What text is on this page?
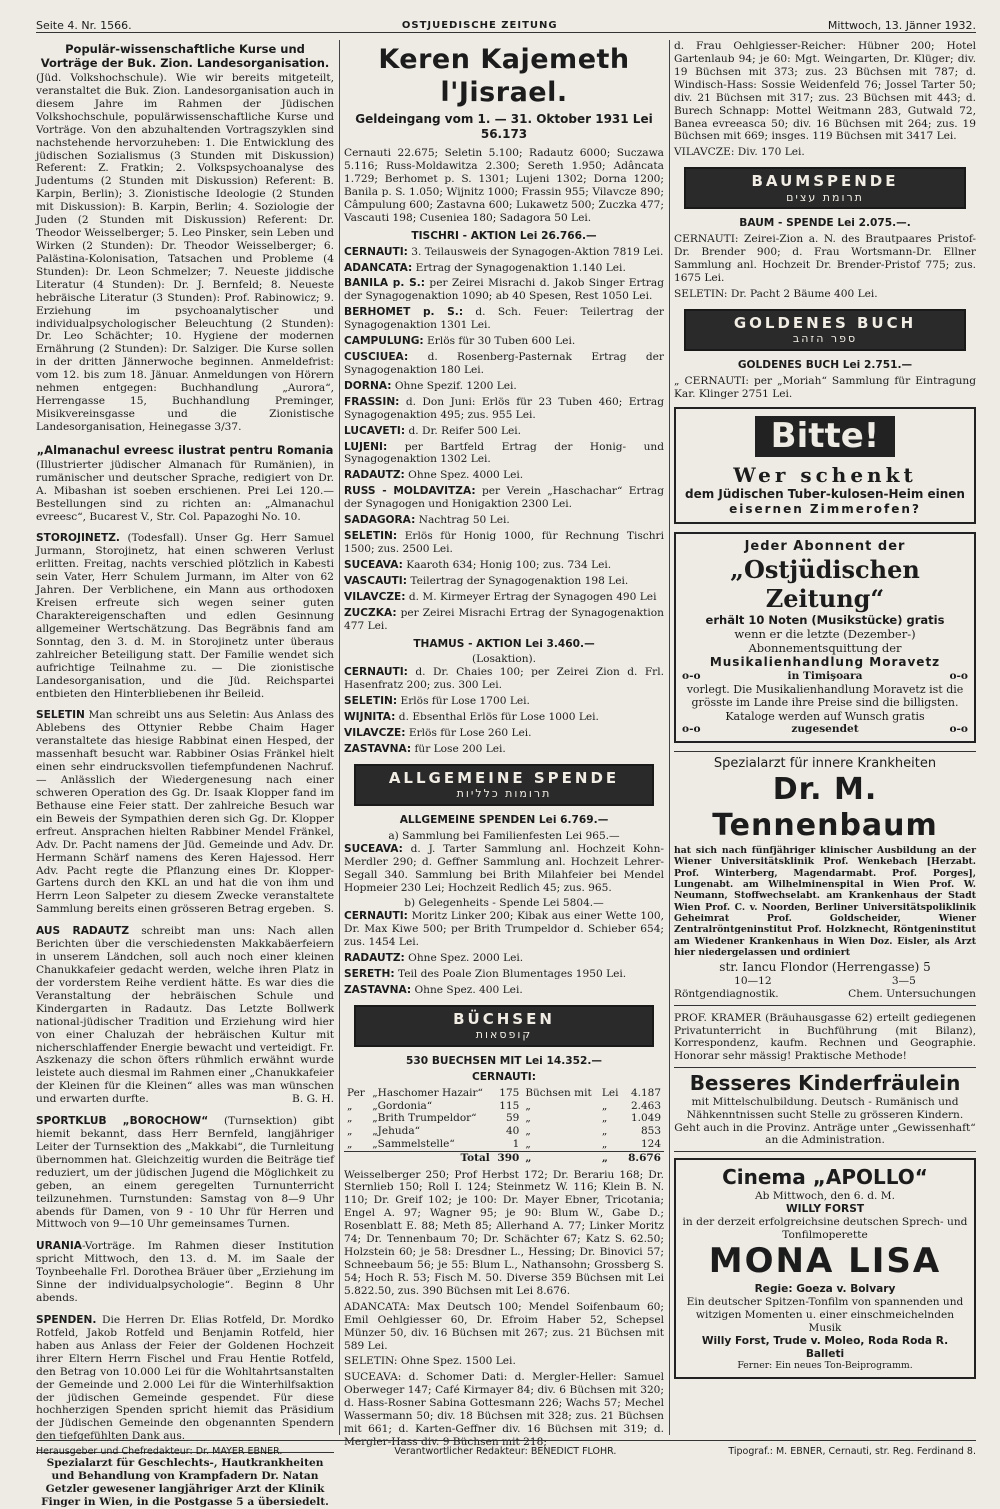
Seite 4. Nr. 1566.	OSTJUEDISCHE ZEITUNG	Mittwoch, 13. Jänner 1932.
Populär-wissenschaftliche Kurse und Vorträge der Buk. Zion. Landesorganisation.

(Jüd. Volkshochschule). Wie wir bereits mitgeteilt, veranstaltet die Buk. Zion. Landesorganisation auch in diesem Jahre im Rahmen der Jüdischen Volkshochschule, populärwissenschaftliche Kurse und Vorträge. Von den abzuhaltenden Vortragszyklen sind nachstehende hervorzuheben: 1. Die Entwicklung des jüdischen Sozialismus (3 Stunden mit Diskussion) Referent: Z. Fratkin; 2. Volkspsychoanalyse des Judentums (2 Stunden mit Diskussion) Referent: B. Karpin, Berlin); 3. Zionistische Ideologie (2 Stunden mit Diskussion): B. Karpin, Berlin; 4. Soziologie der Juden (2 Stunden mit Diskussion) Referent: Dr. Theodor Weisselberger; 5. Leo Pinsker, sein Leben und Wirken (2 Stunden): Dr. Theodor Weisselberger; 6. Palästina-Kolonisation, Tatsachen und Probleme (4 Stunden): Dr. Leon Schmelzer; 7. Neueste jiddische Literatur (4 Stunden): Dr. J. Bernfeld; 8. Neueste hebräische Literatur (3 Stunden): Prof. Rabinowicz; 9. Erziehung im psychoanalytischer und individualpsychologischer Beleuchtung (2 Stunden): Dr. Leo Schächter; 10. Hygiene der modernen Ernährung (2 Stunden): Dr. Salziger. Die Kurse sollen in der dritten Jännerwoche beginnen. Anmeldefrist: vom 12. bis zum 18. Jänuar. Anmeldungen von Hörern nehmen entgegen: Buchhandlung „Aurora“, Herrengasse 15, Buchhandlung Preminger, Misikvereinsgasse und die Zionistische Landesorganisation, Heinegasse 3/37.

„Almanachul evreesc ilustrat pentru Romania

(Illustrierter jüdischer Almanach für Rumänien), in rumänischer und deutscher Sprache, redigiert von Dr. A. Mibashan ist soeben erschienen. Prei Lei 120.— Bestellungen sind zu richten an: „Almanachul evreesc“, Bucarest V., Str. Col. Papazoghi No. 10.

STOROJINETZ. (Todesfall). Unser Gg. Herr Samuel Jurmann, Storojinetz, hat einen schweren Verlust erlitten. Freitag, nachts verschied plötzlich in Kabesti sein Vater, Herr Schulem Jurmann, im Alter von 62 Jahren. Der Verblichene, ein Mann aus orthodoxen Kreisen erfreute sich wegen seiner guten Charaktereigenschaften und edlen Gesinnung allgemeiner Wertschätzung. Das Begräbnis fand am Sonntag, den 3. d. M. in Storojinetz unter überaus zahlreicher Beteiligung statt. Der Familie wendet sich aufrichtige Teilnahme zu. — Die zionistische Landesorganisation, und die Jüd. Reichspartei entbieten den Hinterbliebenen ihr Beileid.

SELETIN Man schreibt uns aus Seletin: Aus Anlass des Ablebens des Ottynier Rebbe Chaim Hager veranstaltete das hiesige Rabbinat einen Hesped, der massenhaft besucht war. Rabbiner Osias Fränkel hielt einen sehr eindrucksvollen tiefempfundenen Nachruf. — Anlässlich der Wiedergenesung nach einer schweren Operation des Gg. Dr. Isaak Klopper fand im Bethause eine Feier statt. Der zahlreiche Besuch war ein Beweis der Sympathien deren sich Gg. Dr. Klopper erfreut. Ansprachen hielten Rabbiner Mendel Fränkel, Adv. Dr. Pacht namens der Jüd. Gemeinde und Adv. Dr. Hermann Schärf namens des Keren Hajessod. Herr Adv. Pacht regte die Pflanzung eines Dr. Klopper-Gartens durch den KKL an und hat die von ihm und Herrn Leon Salpeter zu diesem Zwecke veranstaltete Sammlung bereits einen grösseren Betrag ergeben. S.

AUS RADAUTZ schreibt man uns: Nach allen Berichten über die verschiedensten Makkabäerfeiern in unserem Ländchen, soll auch noch einer kleinen Chanukkafeier gedacht werden, welche ihren Platz in der vorderstem Reihe verdient hätte. Es war dies die Veranstaltung der hebräischen Schule und Kindergarten in Radautz. Das Letzte Bollwerk national-jüdischer Tradition und Erziehung wird hier von einer Chaluzah der hebräischen Kultur mit nicherschlaffender Energie bewacht und verteidigt. Fr. Aszkenazy die schon öfters rühmlich erwähnt wurde leistete auch diesmal im Rahmen einer „Chanukkafeier der Kleinen für die Kleinen“ alles was man wünschen und erwarten durfte.	B. G. H.

SPORTKLUB „BOROCHOW“ (Turnsektion) gibt hiemit bekannt, dass Herr Bernfeld, langjähriger Leiter der Turnsektion des „Makkabi“, die Turnleitung übernommen hat. Gleichzeitig wurden die Beiträge tief reduziert, um der jüdischen Jugend die Möglichkeit zu geben, an einem geregelten Turnunterricht teilzunehmen. Turnstunden: Samstag von 8—9 Uhr abends für Damen, von 9 - 10 Uhr für Herren und Mittwoch von 9—10 Uhr gemeinsames Turnen.

URANIA-Vorträge. Im Rahmen dieser Institution spricht Mittwoch, den 13. d. M. im Saale der Toynbeehalle Frl. Dorothea Bräuer über „Erziehung im Sinne der individualpsychologie“. Beginn 8 Uhr abends.

SPENDEN. Die Herren Dr. Elias Rotfeld, Dr. Mordko Rotfeld, Jakob Rotfeld und Benjamin Rotfeld, hier haben aus Anlass der Feier der Goldenen Hochzeit ihrer Eltern Herrn Fischel und Frau Hentie Rotfeld, den Betrag von 10.000 Lei für die Wohltahrtsanstalten der Gemeinde und 2.000 Lei für die Winterhilfsaktion der jüdischen Gemeinde gespendet. Für diese hochherzigen Spenden spricht hiemit das Präsidium der Jüdischen Gemeinde den obgenannten Spendern den tiefgefühlten Dank aus.

Spezialarzt für Geschlechts-, Hautkrankheiten und Behandlung von Krampfadern Dr. Natan Getzler gewesener langjähriger Arzt der Klinik Finger in Wien, in die Postgasse 5 a übersiedelt.
Keren Kajemeth l'Jisrael.
Geldeingang vom 1. — 31. Oktober 1931 Lei 56.173

Cernauti 22.675; Seletin 5.100; Radautz 6000; Suczawa 5.116; Russ-Moldawitza 2.300; Sereth 1.950; Adâncata 1.729; Berhomet p. S. 1301; Lujeni 1302; Dorna 1200; Banila p. S. 1.050; Wijnitz 1000; Frassin 955; Vilavcze 890; Câmpulung 600; Zastavna 600; Lukawetz 500; Zuczka 477; Vascauti 198; Cuseniea 180; Sadagora 50 Lei.

TISCHRI - AKTION Lei 26.766.—

CERNAUTI: 3. Teilausweis der Synagogen-Aktion 7819 Lei.

ADANCATA: Ertrag der Synagogenaktion 1.140 Lei.

BANILA p. S.: per Zeirei Misrachi d. Jakob Singer Ertrag der Synagogenaktion 1090; ab 40 Spesen, Rest 1050 Lei.

BERHOMET p. S.: d. Sch. Feuer: Teilertrag der Synagogenaktion 1301 Lei.

CAMPULUNG: Erlös für 30 Tuben 600 Lei.

CUSCIUEA: d. Rosenberg-Pasternak Ertrag der Synagogenaktion 180 Lei.

DORNA: Ohne Spezif. 1200 Lei.

FRASSIN: d. Don Juni: Erlös für 23 Tuben 460; Ertrag Synagogenaktion 495; zus. 955 Lei.

LUCAVETI: d. Dr. Reifer 500 Lei.

LUJENI: per Bartfeld Ertrag der Honig- und Synagogenaktion 1302 Lei.

RADAUTZ: Ohne Spez. 4000 Lei.

RUSS - MOLDAVITZA: per Verein „Haschachar“ Ertrag der Synagogen und Honigaktion 2300 Lei.

SADAGORA: Nachtrag 50 Lei.

SELETIN: Erlös für Honig 1000, für Rechnung Tischri 1500; zus. 2500 Lei.

SUCEAVA: Kaaroth 634; Honig 100; zus. 734 Lei.

VASCAUTI: Teilertrag der Synagogenaktion 198 Lei.

VILAVCZE: d. M. Kirmeyer Ertrag der Synagogen 490 Lei

ZUCZKA: per Zeirei Misrachi Ertrag der Synagogenaktion 477 Lei.

THAMUS - AKTION Lei 3.460.—
(Losaktion).

CERNAUTI: d. Dr. Chaies 100; per Zeirei Zion d. Frl. Hasenfratz 200; zus. 300 Lei.

SELETIN: Erlös für Lose 1700 Lei.

WIJNITA: d. Ebsenthal Erlös für Lose 1000 Lei.

VILAVCZE: Erlös für Lose 260 Lei.

ZASTAVNA: für Lose 200 Lei.

ALLGEMEINE SPENDE
תרומות כלליות
ALLGEMEINE SPENDEN Lei 6.769.—
a) Sammlung bei Familienfesten Lei 965.—

SUCEAVA: d. J. Tarter Sammlung anl. Hochzeit Kohn-Merdler 290; d. Geffner Sammlung anl. Hochzeit Lehrer-Segall 340. Sammlung bei Brith Milahfeier bei Mendel Hopmeier 230 Lei; Hochzeit Redlich 45; zus. 965.

b) Gelegenheits - Spende Lei 5804.—

CERNAUTI: Moritz Linker 200; Kibak aus einer Wette 100, Dr. Max Kiwe 500; per Brith Trumpeldor d. Schieber 654; zus. 1454 Lei.

RADAUTZ: Ohne Spez. 2000 Lei.

SERETH: Teil des Poale Zion Blumentages 1950 Lei.

ZASTAVNA: Ohne Spez. 400 Lei.

BÜCHSEN
קופסאות
530 BUECHSEN MIT Lei 14.352.—
CERNAUTI:
Per	„Haschomer Hazair“	175	Büchsen mit	Lei	4.187
„	„Gordonia“	115	„	„	2.463
„	„Brith Trumpeldor“	59	„	„	1.049
„	„Jehuda“	40	„	„	853
„	„Sammelstelle“	1	„	„	124
	Total	390	„	„	8.676

Weisselberger 250; Prof Herbst 172; Dr. Berariu 168; Dr. Sternlieb 150; Roll I. 124; Steinmetz W. 116; Klein B. N. 110; Dr. Greif 102; je 100: Dr. Mayer Ebner, Tricotania; Engel A. 97; Wagner 95; je 90: Blum W., Gabe D.; Rosenblatt E. 88; Meth 85; Allerhand A. 77; Linker Moritz 74; Dr. Tennenbaum 70; Dr. Schächter 67; Katz S. 62.50; Holzstein 60; je 58: Dresdner L., Hessing; Dr. Binovici 57; Schneebaum 56; je 55: Blum L., Nathansohn; Grossberg S. 54; Hoch R. 53; Fisch M. 50. Diverse 359 Büchsen mit Lei 5.822.50, zus. 390 Büchsen mit Lei 8.676.

ADANCATA: Max Deutsch 100; Mendel Soifenbaum 60; Emil Oehlgiesser 60, Dr. Efroim Haber 52, Schepsel Münzer 50, div. 16 Büchsen mit 267; zus. 21 Büchsen mit 589 Lei.

SELETIN: Ohne Spez. 1500 Lei.

SUCEAVA: d. Schomer Dati: d. Mergler-Heller: Samuel Oberweger 147; Café Kirmayer 84; div. 6 Büchsen mit 320; d. Hass-Rosner Sabina Gottesmann 226; Wachs 57; Mechel Wassermann 50; div. 18 Büchsen mit 328; zus. 21 Büchsen mit 661; d. Karten-Geffner div. 16 Büchsen mit 319; d. Mergler-Hass div. 9 Büchsen mit 218;

d. Frau Oehlgiesser-Reicher: Hübner 200; Hotel Gartenlaub 94; je 60: Mgt. Weingarten, Dr. Klüger; div. 19 Büchsen mit 373; zus. 23 Büchsen mit 787; d. Windisch-Hass: Sossie Weidenfeld 76; Jossel Tarter 50; div. 21 Büchsen mit 317; zus. 23 Büchsen mit 443; d. Burech Schnapp: Mottel Weitmann 283, Gutwald 72, Banea evreeasca 50; div. 16 Büchsen mit 264; zus. 19 Büchsen mit 669; insges. 119 Büchsen mit 3417 Lei.

VILAVCZE: Div. 170 Lei.

BAUMSPENDE
תרומת עצים
BAUM - SPENDE Lei 2.075.—.

CERNAUTI: Zeirei-Zion a. N. des Brautpaares Pristof-Dr. Brender 900; d. Frau Wortsmann-Dr. Ellner Sammlung anl. Hochzeit Dr. Brender-Pristof 775; zus. 1675 Lei.

SELETIN: Dr. Pacht 2 Bäume 400 Lei.

GOLDENES BUCH
ספר הזהב
GOLDENES BUCH Lei 2.751.—

„ CERNAUTI: per „Moriah“ Sammlung für Eintragung Kar. Klinger 2751 Lei.

Bitte!
Wer schenkt
dem Jüdischen Tuber-kulosen-Heim einen
eisernen Zimmerofen?
Jeder Abonnent der
„Ostjüdischen Zeitung“
erhält 10 Noten (Musikstücke) gratis
wenn er die letzte (Dezember-) Abonnementsquittung der
Musikalienhandlung Moravetz
o-o	in Timişoara	o-o
vorlegt. Die Musikalienhandlung Moravetz ist die grösste im Lande ihre Preise sind die billigsten. Kataloge werden auf Wunsch gratis
o-o	zugesendet	o-o
Spezialarzt für innere Krankheiten
Dr. M. Tennenbaum
hat sich nach fünfjähriger klinischer Ausbildung an der Wiener Universitätsklinik Prof. Wenkebach [Herzabt. Prof. Winterberg, Magendarmabt. Prof. Porges], Lungenabt. am Wilhelminenspital in Wien Prof. W. Neumann, Stoffwechselabt. am Krankenhaus der Stadt Wien Prof. C. v. Noorden, Berliner Universitätspoliklinik Geheimrat Prof. Goldscheider, Wiener Zentralröntgeninstitut Prof. Holzknecht, Röntgeninstitut am Wiedener Krankenhaus in Wien Doz. Eisler, als Arzt hier niedergelassen und ordiniert
str. Iancu Flondor (Herrengasse) 5
10—12	3—5
Röntgendiagnostik.	Chem. Untersuchungen

PROF. KRAMER (Bräuhausgasse 62) erteilt gediegenen Privatunterricht in Buchführung (mit Bilanz), Korrespondenz, kaufm. Rechnen und Geographie. Honorar sehr mässig! Praktische Methode!

Besseres Kinderfräulein
mit Mittelschulbildung. Deutsch - Rumänisch und Nähkenntnissen sucht Stelle zu grösseren Kindern. Geht auch in die Provinz. Anträge unter „Gewissenhaft“ an die Administration.
Cinema „APOLLO“
Ab Mittwoch, den 6. d. M.
WILLY FORST
in der derzeit erfolgreichsine deutschen Sprech- und Tonfilmoperette
MONA LISA
Regie: Goeza v. Bolvary
Ein deutscher Spitzen-Tonfilm von spannenden und witzigen Momenten u. einer einschmeichelnden Musik
Willy Forst, Trude v. Moleo, Roda Roda R. Balleti
Ferner: Ein neues Ton-Beiprogramm.
Herausgeber und Chefredakteur: Dr. MAYER EBNER.	Verantwortlicher Redakteur: BENEDICT FLOHR.	Tipograf.: M. EBNER, Cernauti, str. Reg. Ferdinand 8.
